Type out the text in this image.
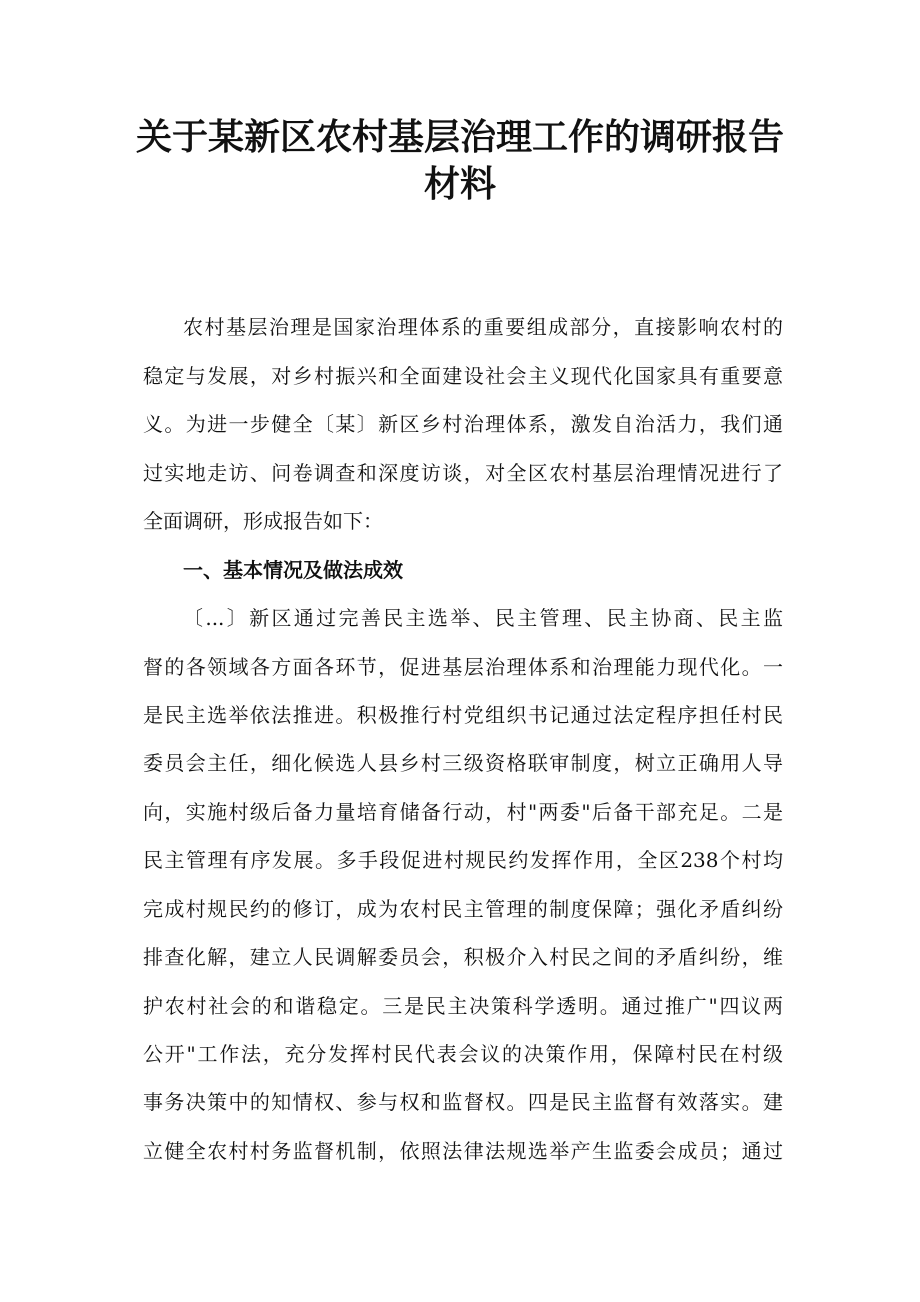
关于某新区农村基层治理工作的调研报告
材料
农村基层治理是国家治理体系的重要组成部分，直接影响农村的
稳定与发展，对乡村振兴和全面建设社会主义现代化国家具有重要意
义。为进一步健全〔某〕新区乡村治理体系，激发自治活力，我们通
过实地走访、问卷调查和深度访谈，对全区农村基层治理情况进行了
全面调研，形成报告如下：
一、基本情况及做法成效
〔...〕新区通过完善民主选举、民主管理、民主协商、民主监
督的各领域各方面各环节，促进基层治理体系和治理能力现代化。一
是民主选举依法推进。积极推行村党组织书记通过法定程序担任村民
委员会主任，细化候选人县乡村三级资格联审制度，树立正确用人导
向，实施村级后备力量培育储备行动，村"两委"后备干部充足。二是
民主管理有序发展。多手段促进村规民约发挥作用，全区238个村均
完成村规民约的修订，成为农村民主管理的制度保障；强化矛盾纠纷
排查化解，建立人民调解委员会，积极介入村民之间的矛盾纠纷，维
护农村社会的和谐稳定。三是民主决策科学透明。通过推广"四议两
公开"工作法，充分发挥村民代表会议的决策作用，保障村民在村级
事务决策中的知情权、参与权和监督权。四是民主监督有效落实。建
立健全农村村务监督机制，依照法律法规选举产生监委会成员；通过
